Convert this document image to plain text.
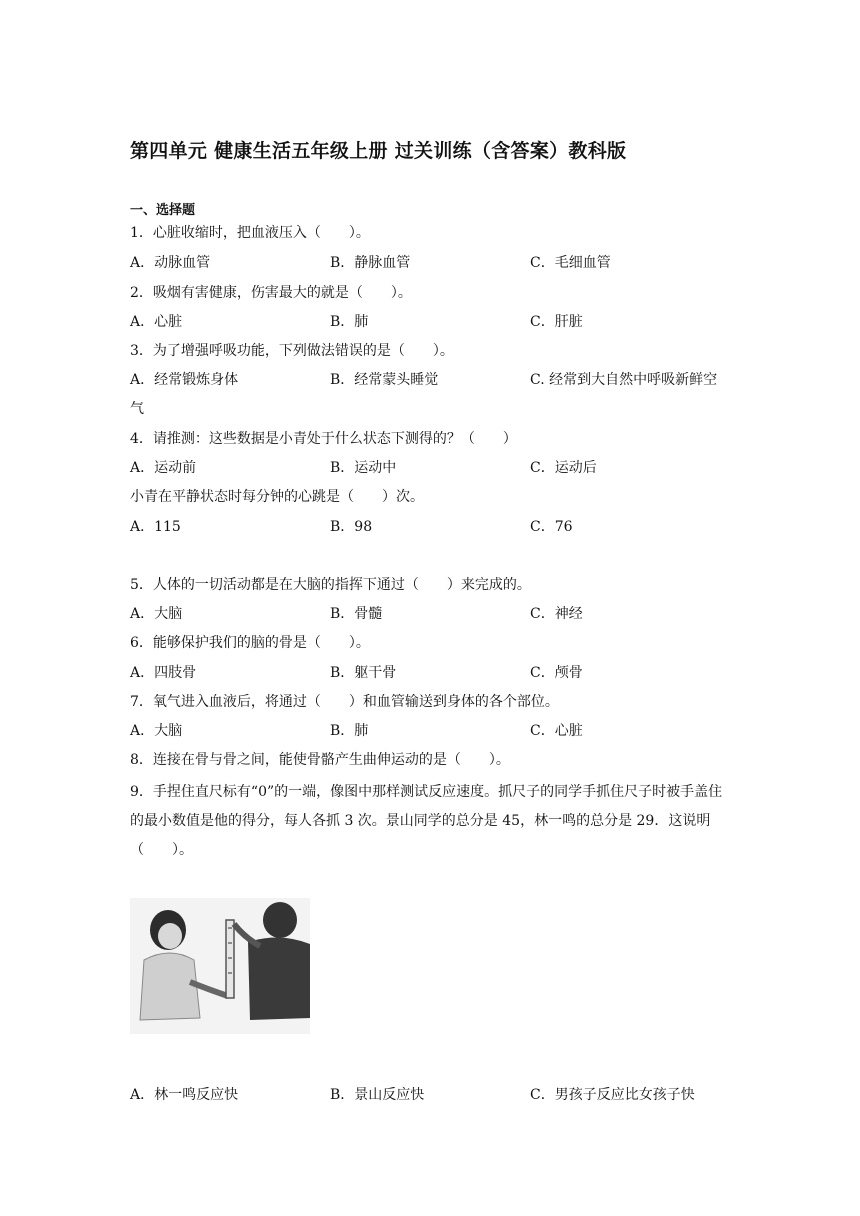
第四单元 健康生活五年级上册 过关训练（含答案）教科版
一、选择题
1．心脏收缩时，把血液压入（　　）。
A．动脉血管	B．静脉血管	C．毛细血管
2．吸烟有害健康，伤害最大的就是（　　）。
A．心脏	B．肺	C．肝脏
3．为了增强呼吸功能，下列做法错误的是（　　）。
A．经常锻炼身体	B．经常蒙头睡觉	C. 经常到大自然中呼吸新鲜空
气
4．请推测：这些数据是小青处于什么状态下测得的？（　　）
A．运动前	B．运动中	C．运动后
小青在平静状态时每分钟的心跳是（　　）次。
A．115	B．98	C．76
5．人体的一切活动都是在大脑的指挥下通过（　　）来完成的。
A．大脑	B．骨髓	C．神经
6．能够保护我们的脑的骨是（　　）。
A．四肢骨	B．躯干骨	C．颅骨
7．氧气进入血液后，将通过（　　）和血管输送到身体的各个部位。
A．大脑	B．肺	C．心脏
8．连接在骨与骨之间，能使骨骼产生曲伸运动的是（　　）。
9．手捏住直尺标有“0”的一端，像图中那样测试反应速度。抓尺子的同学手抓住尺子时被手盖住的最小数值是他的得分，每人各抓 3 次。景山同学的总分是 45，林一鸣的总分是 29．这说明（　　）。
A．林一鸣反应快	B．景山反应快	C．男孩子反应比女孩子快
